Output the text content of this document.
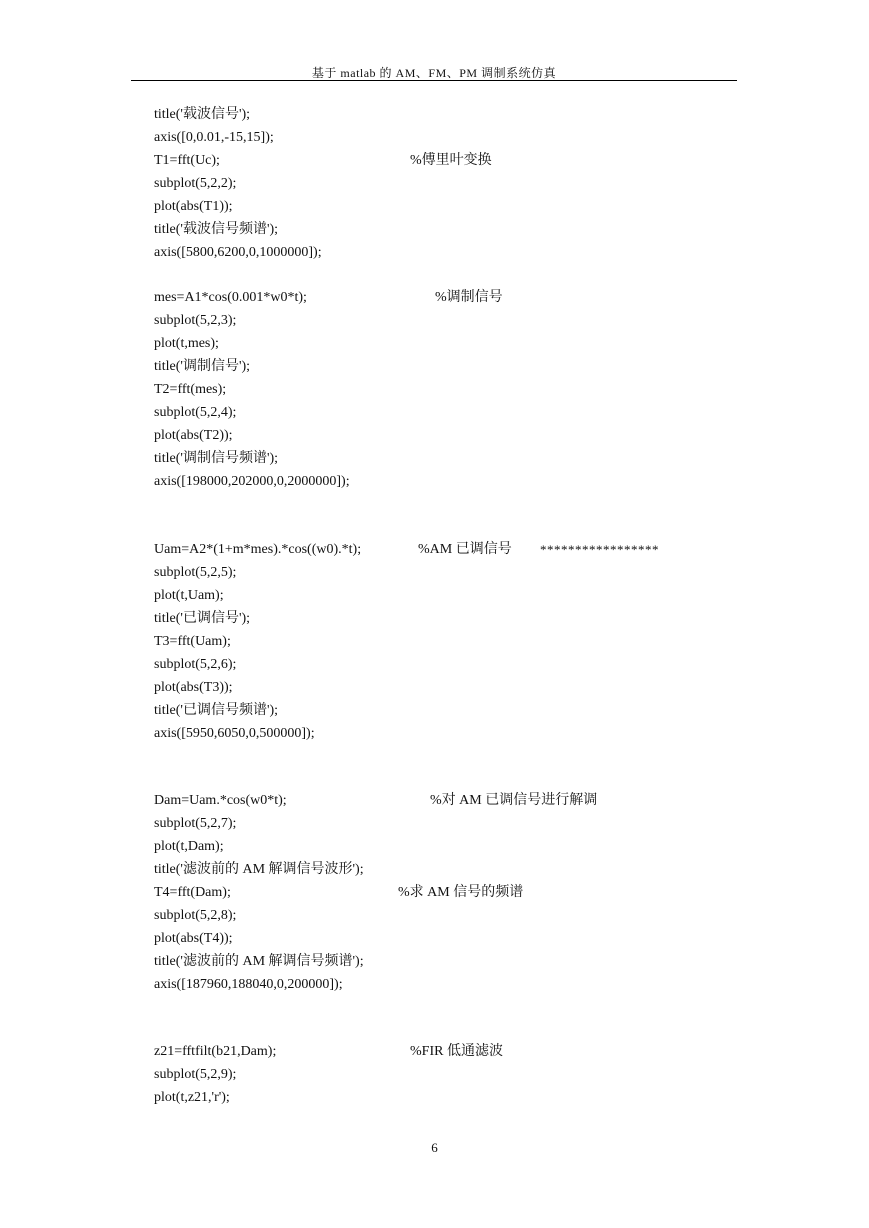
基于 matlab 的 AM、FM、PM 调制系统仿真
title('载波信号');
axis([0,0.01,-15,15]);
T1=fft(Uc);	%傅里叶变换
subplot(5,2,2);
plot(abs(T1));
title('载波信号频谱');
axis([5800,6200,0,1000000]);
mes=A1*cos(0.001*w0*t);	%调制信号
subplot(5,2,3);
plot(t,mes);
title('调制信号');
T2=fft(mes);
subplot(5,2,4);
plot(abs(T2));
title('调制信号频谱');
axis([198000,202000,0,2000000]);
Uam=A2*(1+m*mes).*cos((w0).*t);	%AM 已调信号 *****************
subplot(5,2,5);
plot(t,Uam);
title('已调信号');
T3=fft(Uam);
subplot(5,2,6);
plot(abs(T3));
title('已调信号频谱');
axis([5950,6050,0,500000]);
Dam=Uam.*cos(w0*t);	%对 AM 已调信号进行解调
subplot(5,2,7);
plot(t,Dam);
title('滤波前的 AM 解调信号波形');
T4=fft(Dam);	%求 AM 信号的频谱
subplot(5,2,8);
plot(abs(T4));
title('滤波前的 AM 解调信号频谱');
axis([187960,188040,0,200000]);
z21=fftfilt(b21,Dam);	%FIR 低通滤波
subplot(5,2,9);
plot(t,z21,'r');
6
